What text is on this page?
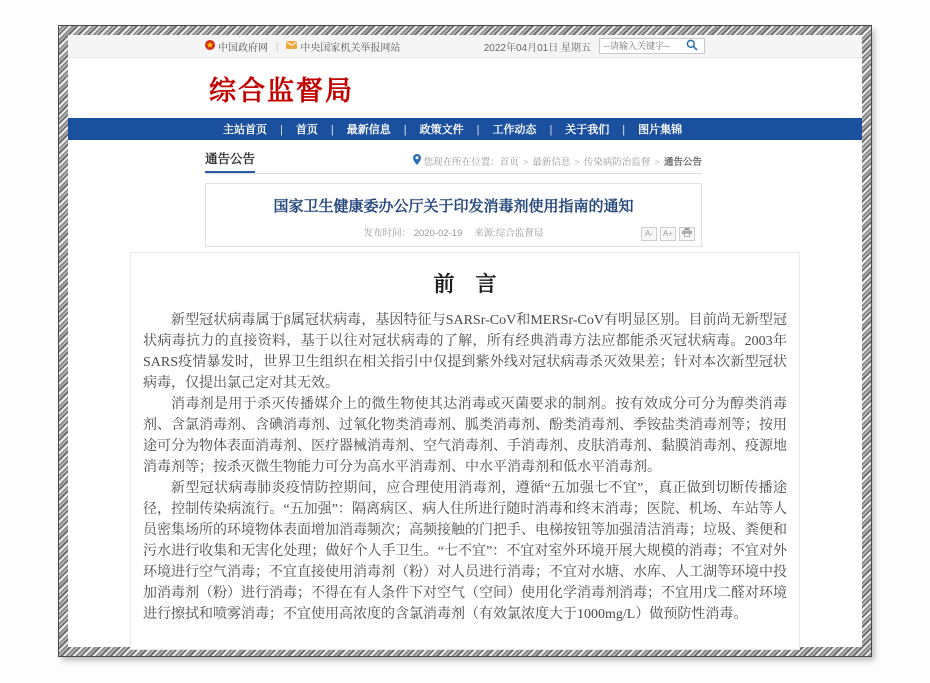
中国政府网 | 中央国家机关举报网站	2022年04月01日 星期五
--请输入关键字--
综合监督局
主站首页 |	首页 |	最新信息 |	政策文件 |	工作动态 |	关于我们 |	图片集锦
通告公告	您现在所在位置： 首页 >	最新信息 >	传染病防治监督 >	通告公告
国家卫生健康委办公厅关于印发消毒剂使用指南的通知
发布时间： 2020-02-19 来源:综合监督局	A-	A+
前　言

新型冠状病毒属于β属冠状病毒，基因特征与SARSr-CoV和MERSr-CoV有明显区别。目前尚无新型冠状病毒抗力的直接资料，基于以往对冠状病毒的了解，所有经典消毒方法应都能杀灭冠状病毒。2003年SARS疫情暴发时，世界卫生组织在相关指引中仅提到紫外线对冠状病毒杀灭效果差；针对本次新型冠状病毒，仅提出氯己定对其无效。

消毒剂是用于杀灭传播媒介上的微生物使其达消毒或灭菌要求的制剂。按有效成分可分为醇类消毒剂、含氯消毒剂、含碘消毒剂、过氧化物类消毒剂、胍类消毒剂、酚类消毒剂、季铵盐类消毒剂等；按用途可分为物体表面消毒剂、医疗器械消毒剂、空气消毒剂、手消毒剂、皮肤消毒剂、黏膜消毒剂、疫源地消毒剂等；按杀灭微生物能力可分为高水平消毒剂、中水平消毒剂和低水平消毒剂。

新型冠状病毒肺炎疫情防控期间，应合理使用消毒剂，遵循“五加强七不宜”，真正做到切断传播途径，控制传染病流行。“五加强”：隔离病区、病人住所进行随时消毒和终末消毒；医院、机场、车站等人员密集场所的环境物体表面增加消毒频次；高频接触的门把手、电梯按钮等加强清洁消毒；垃圾、粪便和污水进行收集和无害化处理；做好个人手卫生。“七不宜”：不宜对室外环境开展大规模的消毒；不宜对外环境进行空气消毒；不宜直接使用消毒剂（粉）对人员进行消毒；不宜对水塘、水库、人工湖等环境中投加消毒剂（粉）进行消毒；不得在有人条件下对空气（空间）使用化学消毒剂消毒；不宜用戊二醛对环境进行擦拭和喷雾消毒；不宜使用高浓度的含氯消毒剂（有效氯浓度大于1000mg/L）做预防性消毒。
